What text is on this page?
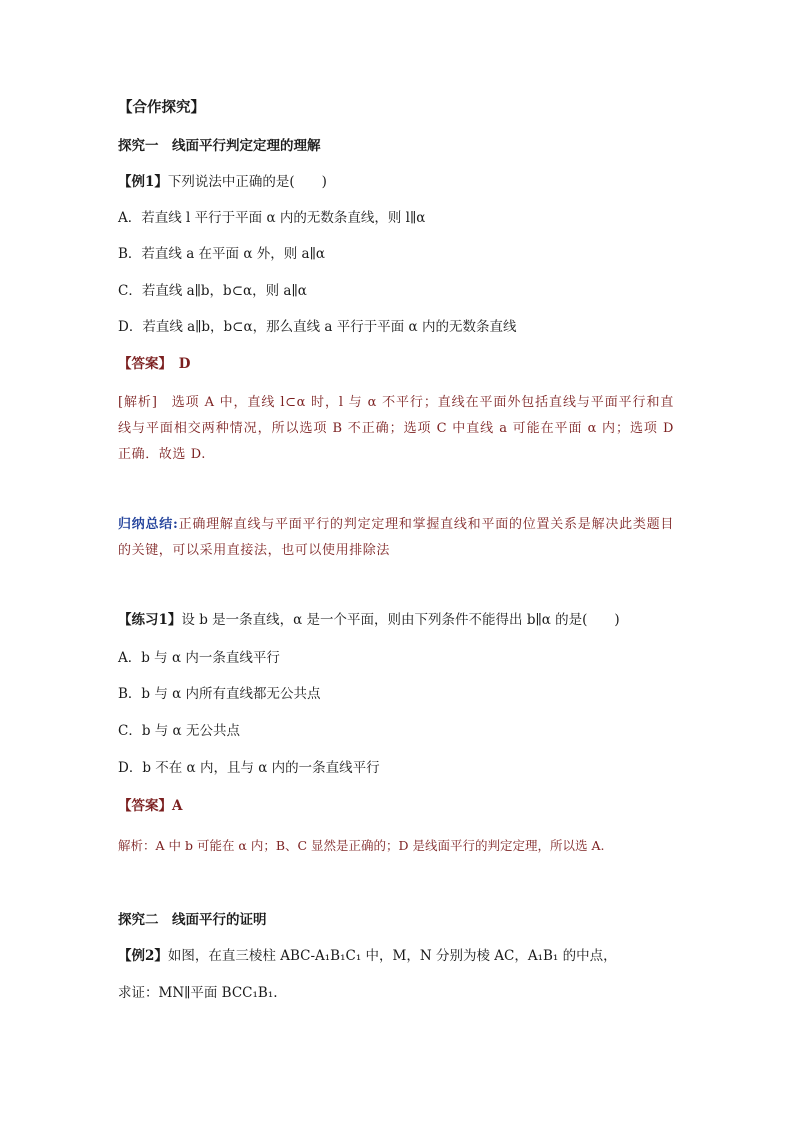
【合作探究】
探究一　线面平行判定定理的理解
【例1】下列说法中正确的是(　　)
A．若直线 l 平行于平面 α 内的无数条直线，则 l∥α
B．若直线 a 在平面 α 外，则 a∥α
C．若直线 a∥b，b⊂α，则 a∥α
D．若直线 a∥b，b⊂α，那么直线 a 平行于平面 α 内的无数条直线
【答案】　D
[解析]　选项 A 中，直线 l⊂α 时，l 与 α 不平行；直线在平面外包括直线与平面平行和直线与平面相交两种情况，所以选项 B 不正确；选项 C 中直线 a 可能在平面 α 内；选项 D 正确．故选 D.
归纳总结:正确理解直线与平面平行的判定定理和掌握直线和平面的位置关系是解决此类题目的关键，可以采用直接法，也可以使用排除法
【练习1】设 b 是一条直线，α 是一个平面，则由下列条件不能得出 b∥α 的是(　　)
A．b 与 α 内一条直线平行
B．b 与 α 内所有直线都无公共点
C．b 与 α 无公共点
D．b 不在 α 内，且与 α 内的一条直线平行
【答案】A
解析：A 中 b 可能在 α 内；B、C 显然是正确的；D 是线面平行的判定定理，所以选 A.
探究二　线面平行的证明
【例2】如图，在直三棱柱 ABC-A₁B₁C₁ 中，M，N 分别为棱 AC，A₁B₁ 的中点，
求证：MN∥平面 BCC₁B₁.
